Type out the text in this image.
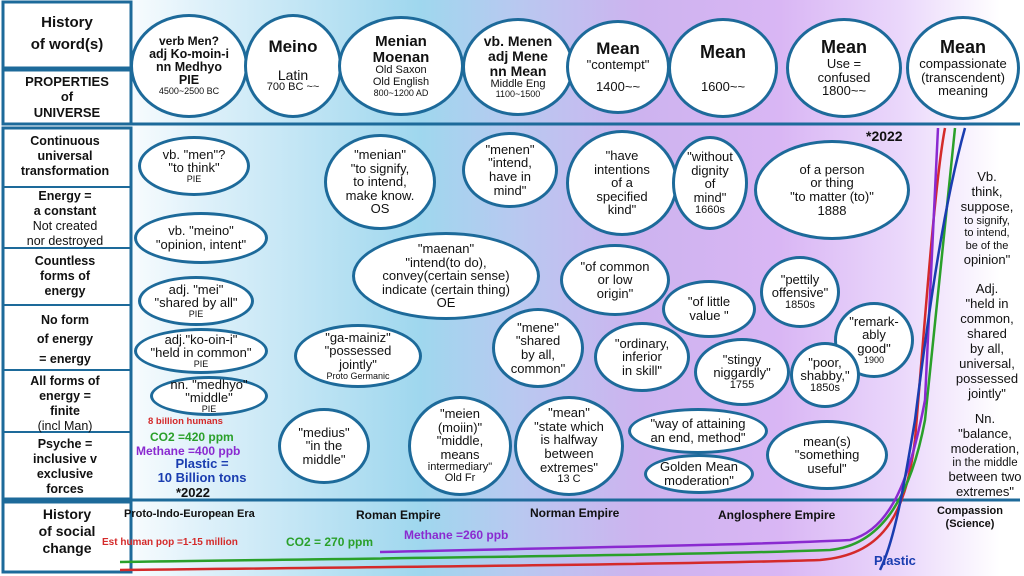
History
of word(s)
PROPERTIES
of
UNIVERSE
verb Men?
adj Ko-moin-i
nn Medhyo
PIE
4500~2500 BC
Meino
Latin
700 BC ~~
Menian
Moenan
Old Saxon
Old English
800~1200 AD
vb. Menen
adj Mene
nn Mean
Middle Eng
1100~1500
Mean
"contempt"
1400~~
Mean
1600~~
Mean
Use =
confused
1800~~
Mean
compassionate
(transcendent)
meaning
Continuous
universal
transformation
Energy =
a constant
Not created
nor destroyed
Countless
forms of
energy
No form
of energy
= energy
All forms of
energy =
finite
(incl Man)
Psyche =
inclusive v
exclusive
forces
vb. "men"?
"to think"
PIE
vb. "meino"
"opinion, intent"
adj. "mei"
"shared by all"
PIE
adj."ko-oin-i"
"held in common"
PIE
nn. "medhyo"
"middle"
PIE
"menian"
"to signify,
to intend,
make know.
OS
"menen"
"intend,
have in
mind"
"have
intentions
of a
specified
kind"
"without
dignity
of
mind"
1660s
of a person
or thing
"to matter (to)"
1888
"maenan"
"intend(to do),
convey(certain sense)
indicate (certain thing)
OE
"of common
or low
origin"
"of little
value "
"pettily
offensive"
1850s
"remark-
ably
good"
1900
"ga-mainiz"
"possessed
jointly"
Proto Germanic
"mene"
"shared
by all,
common"
"ordinary,
inferior
in skill"
"stingy
niggardly"
1755
"poor,
shabby,"
1850s
"medius"
"in the
middle"
"meien
(moiin)"
"middle,
means
intermediary"
Old Fr
"mean"
"state which
is halfway
between
extremes"
13 C
"way of attaining
an end, method"
Golden Mean
moderation"
mean(s)
"something
useful"
*2022
Vb.
think,
suppose,
to signify,
to intend,
be of the
opinion"
Adj.
"held in
common,
shared
by all,
universal,
possessed
jointly"
Nn.
"balance,
moderation,
in the middle
between two
extremes"
8 billion humans
CO2 =420 ppm
Methane =400 ppb
Plastic =
10 Billion tons
*2022
History
of social
change
Proto-Indo-European Era	Roman Empire	Norman Empire	Anglosphere Empire	Compassion
(Science)
Est human pop =1-15 million	CO2 = 270 ppm	Methane =260 ppb
Plastic
